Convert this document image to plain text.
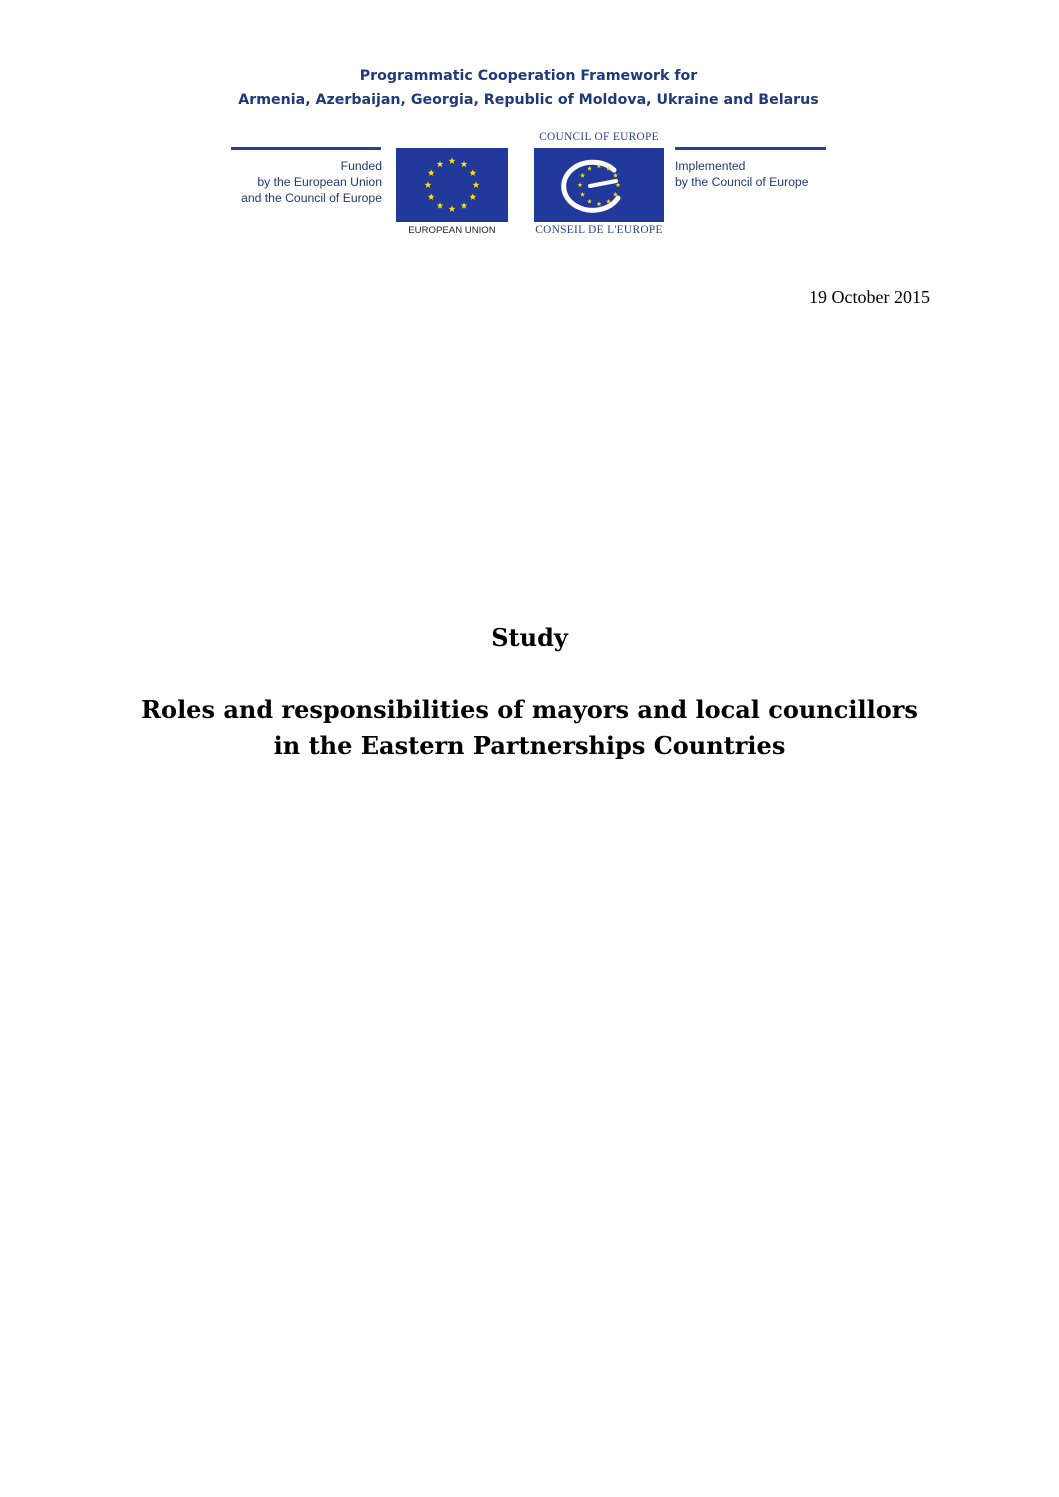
Programmatic Cooperation Framework for
Armenia, Azerbaijan, Georgia, Republic of Moldova, Ukraine and Belarus
Funded
by the European Union
and the Council of Europe
EUROPEAN UNION
COUNCIL OF EUROPE
CONSEIL DE L'EUROPE
Implemented
by the Council of Europe
19 October 2015
Study
Roles and responsibilities of mayors and local councillors
in the Eastern Partnerships Countries
